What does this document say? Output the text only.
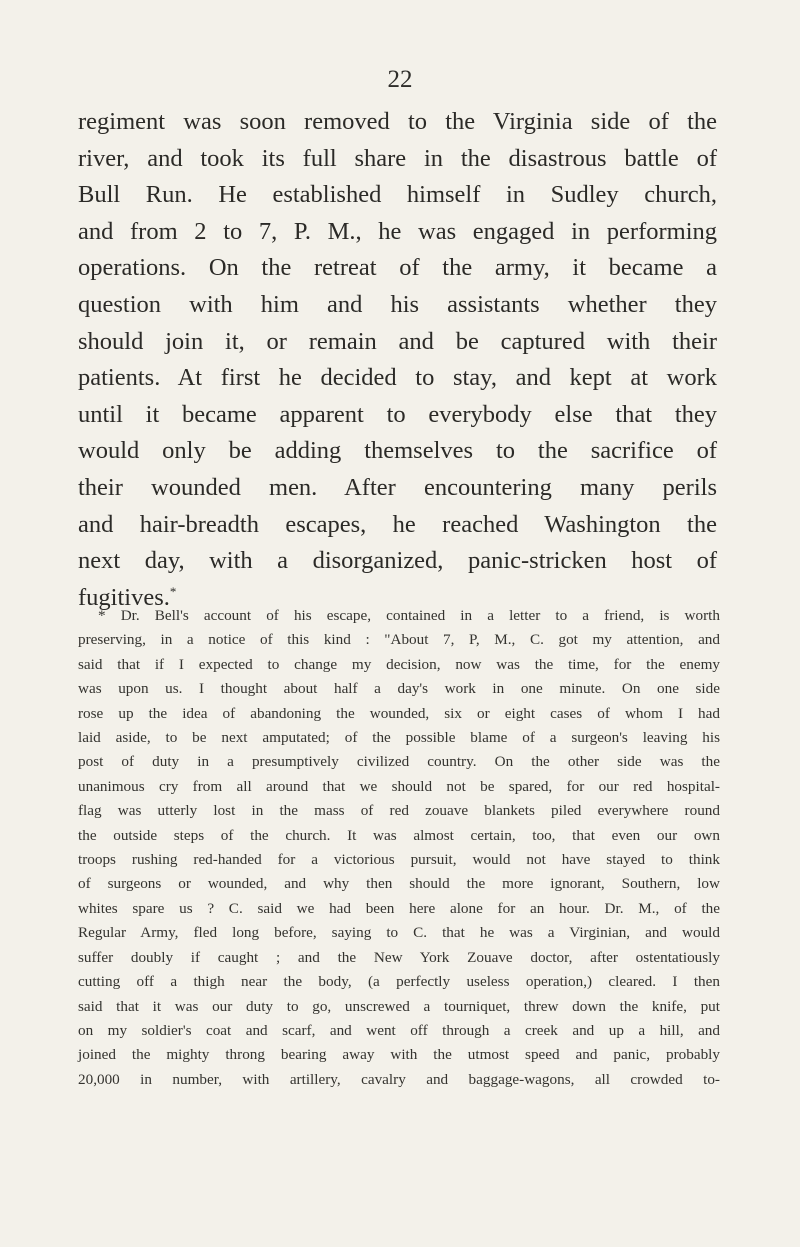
22
regiment was soon removed to the Virginia side of the
river, and took its full share in the disastrous battle of
Bull Run. He established himself in Sudley church,
and from 2 to 7, P. M., he was engaged in performing
operations. On the retreat of the army, it became a
question with him and his assistants whether they
should join it, or remain and be captured with their
patients. At first he decided to stay, and kept at work
until it became apparent to everybody else that they
would only be adding themselves to the sacrifice of
their wounded men. After encountering many perils
and hair-breadth escapes, he reached Washington the
next day, with a disorganized, panic-stricken host of
fugitives.*
* Dr. Bell's account of his escape, contained in a letter to a friend, is worth
preserving, in a notice of this kind : "About 7, P, M., C. got my attention, and
said that if I expected to change my decision, now was the time, for the enemy
was upon us. I thought about half a day's work in one minute. On one side
rose up the idea of abandoning the wounded, six or eight cases of whom I had
laid aside, to be next amputated; of the possible blame of a surgeon's leaving his
post of duty in a presumptively civilized country. On the other side was the
unanimous cry from all around that we should not be spared, for our red hospital-
flag was utterly lost in the mass of red zouave blankets piled everywhere round
the outside steps of the church. It was almost certain, too, that even our own
troops rushing red-handed for a victorious pursuit, would not have stayed to think
of surgeons or wounded, and why then should the more ignorant, Southern, low
whites spare us ? C. said we had been here alone for an hour. Dr. M., of the
Regular Army, fled long before, saying to C. that he was a Virginian, and would
suffer doubly if caught ; and the New York Zouave doctor, after ostentatiously
cutting off a thigh near the body, (a perfectly useless operation,) cleared. I then
said that it was our duty to go, unscrewed a tourniquet, threw down the knife, put
on my soldier's coat and scarf, and went off through a creek and up a hill, and
joined the mighty throng bearing away with the utmost speed and panic, probably
20,000 in number, with artillery, cavalry and baggage-wagons, all crowded to-
